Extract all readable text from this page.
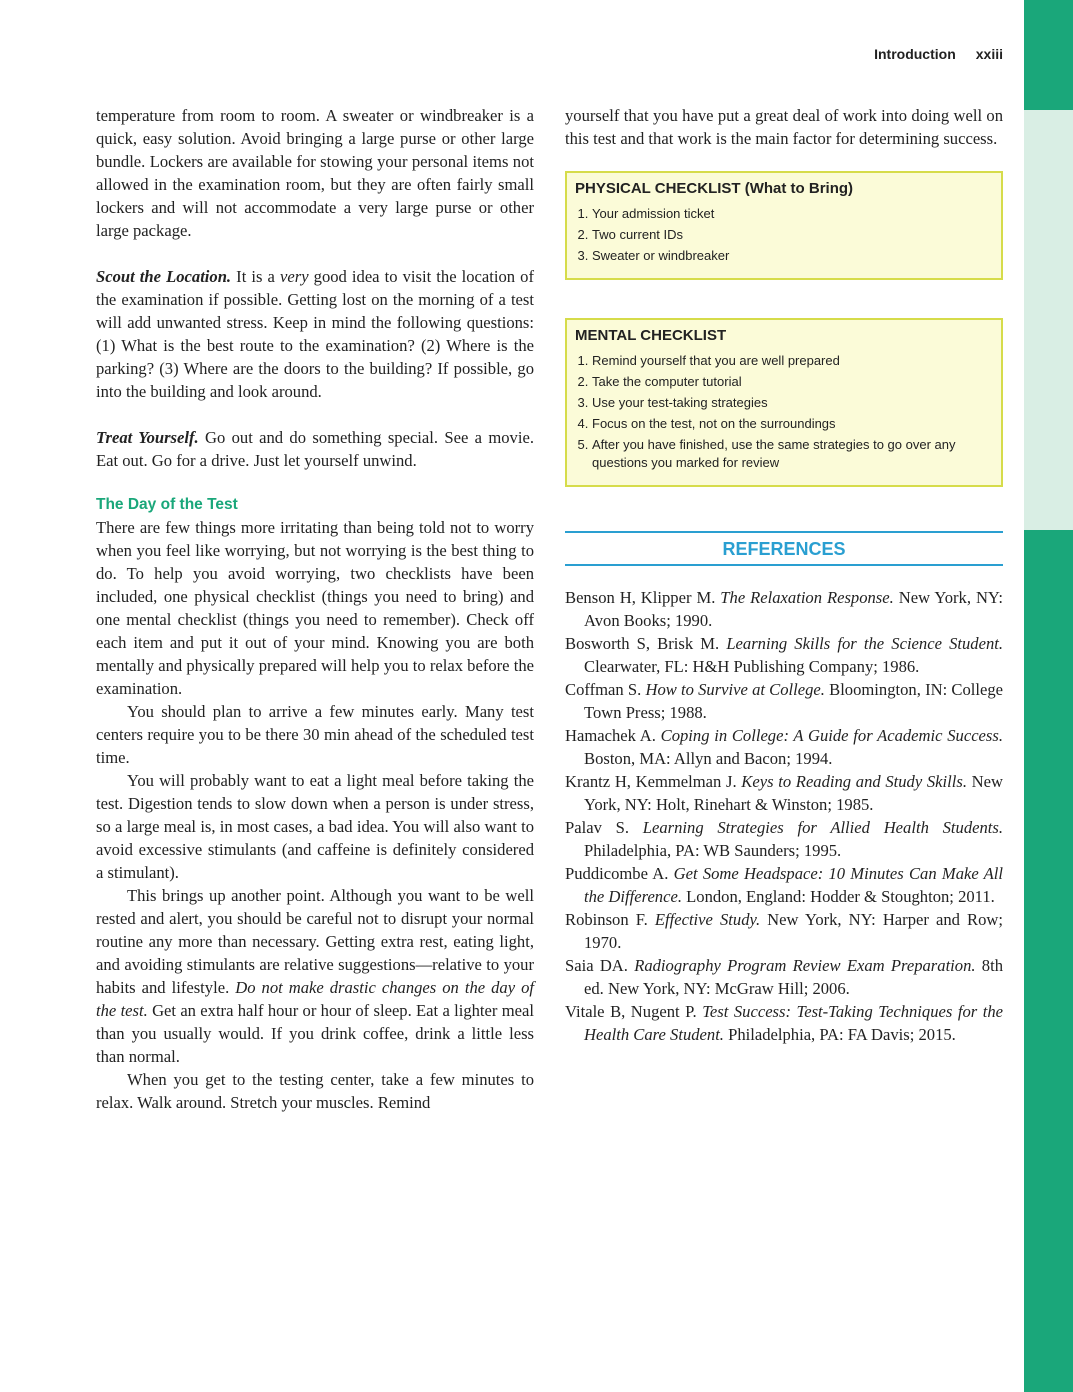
Introduction xxiii

temperature from room to room. A sweater or windbreaker is a quick, easy solution. Avoid bringing a large purse or other large bundle. Lockers are available for stowing your personal items not allowed in the examination room, but they are often fairly small lockers and will not accommodate a very large purse or other large package.

Scout the Location. It is a very good idea to visit the location of the examination if possible. Getting lost on the morning of a test will add unwanted stress. Keep in mind the following questions: (1) What is the best route to the examination? (2) Where is the parking? (3) Where are the doors to the building? If possible, go into the building and look around.

Treat Yourself. Go out and do something special. See a movie. Eat out. Go for a drive. Just let yourself unwind.

The Day of the Test

There are few things more irritating than being told not to worry when you feel like worrying, but not worrying is the best thing to do. To help you avoid worrying, two checklists have been included, one physical checklist (things you need to bring) and one mental checklist (things you need to remember). Check off each item and put it out of your mind. Knowing you are both mentally and physically prepared will help you to relax before the examination.

You should plan to arrive a few minutes early. Many test centers require you to be there 30 min ahead of the scheduled test time.

You will probably want to eat a light meal before taking the test. Digestion tends to slow down when a person is under stress, so a large meal is, in most cases, a bad idea. You will also want to avoid excessive stimulants (and caffeine is definitely considered a stimulant).

This brings up another point. Although you want to be well rested and alert, you should be careful not to disrupt your normal routine any more than necessary. Getting extra rest, eating light, and avoiding stimulants are relative suggestions—relative to your habits and lifestyle. Do not make drastic changes on the day of the test. Get an extra half hour or hour of sleep. Eat a lighter meal than you usually would. If you drink coffee, drink a little less than normal.

When you get to the testing center, take a few minutes to relax. Walk around. Stretch your muscles. Remind

yourself that you have put a great deal of work into doing well on this test and that work is the main factor for determining success.

PHYSICAL CHECKLIST (What to Bring)
1. Your admission ticket
2. Two current IDs
3. Sweater or windbreaker
MENTAL CHECKLIST
1. Remind yourself that you are well prepared
2. Take the computer tutorial
3. Use your test-taking strategies
4. Focus on the test, not on the surroundings
5. After you have finished, use the same strategies to go over any questions you marked for review
REFERENCES

Benson H, Klipper M. The Relaxation Response. New York, NY: Avon Books; 1990.

Bosworth S, Brisk M. Learning Skills for the Science Student. Clearwater, FL: H&H Publishing Company; 1986.

Coffman S. How to Survive at College. Bloomington, IN: College Town Press; 1988.

Hamachek A. Coping in College: A Guide for Academic Success. Boston, MA: Allyn and Bacon; 1994.

Krantz H, Kemmelman J. Keys to Reading and Study Skills. New York, NY: Holt, Rinehart & Winston; 1985.

Palav S. Learning Strategies for Allied Health Students. Philadelphia, PA: WB Saunders; 1995.

Puddicombe A. Get Some Headspace: 10 Minutes Can Make All the Difference. London, England: Hodder & Stoughton; 2011.

Robinson F. Effective Study. New York, NY: Harper and Row; 1970.

Saia DA. Radiography Program Review Exam Preparation. 8th ed. New York, NY: McGraw Hill; 2006.

Vitale B, Nugent P. Test Success: Test-Taking Techniques for the Health Care Student. Philadelphia, PA: FA Davis; 2015.
